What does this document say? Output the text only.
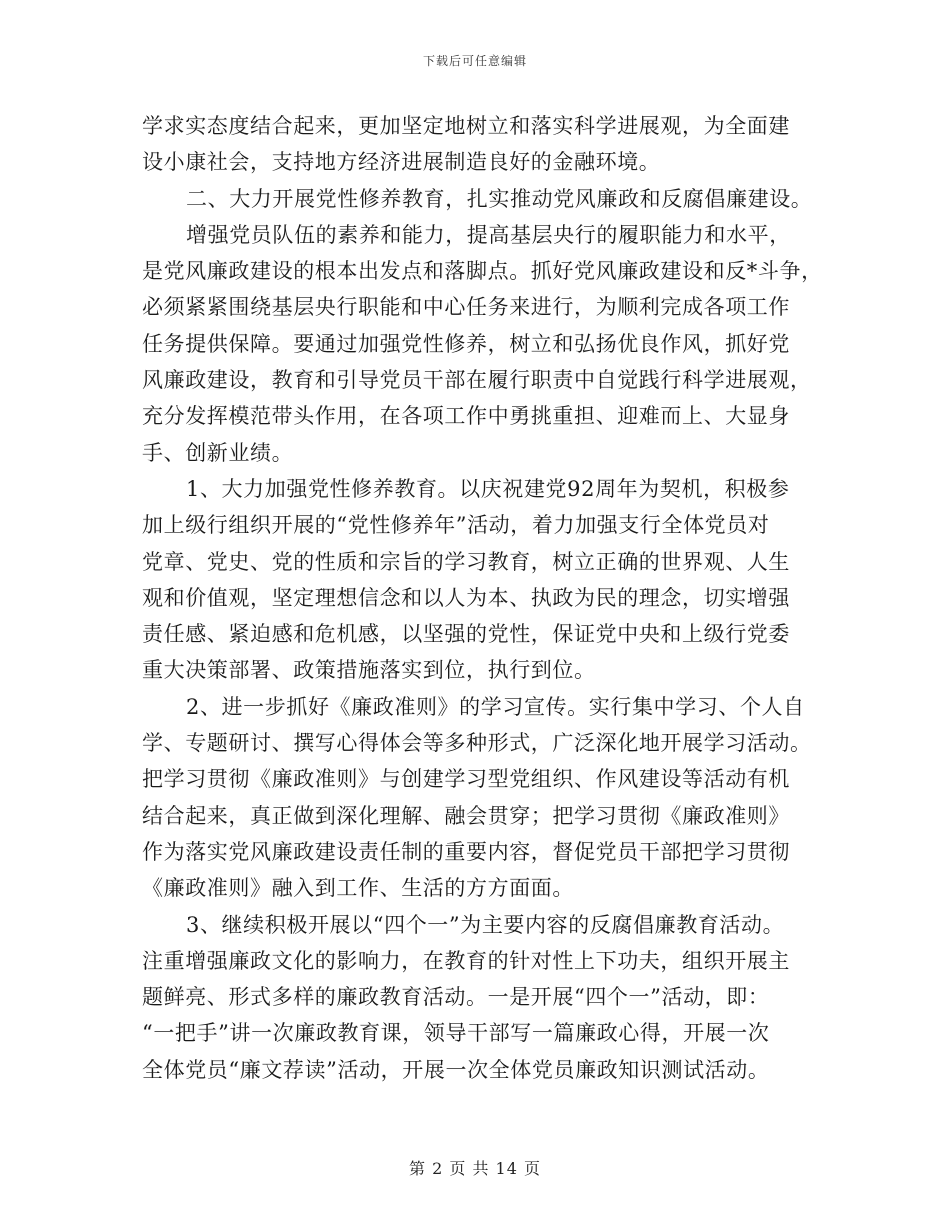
下载后可任意编辑
学求实态度结合起来，更加坚定地树立和落实科学进展观，为全面建
设小康社会，支持地方经济进展制造良好的金融环境。
二、大力开展党性修养教育，扎实推动党风廉政和反腐倡廉建设。
增强党员队伍的素养和能力，提高基层央行的履职能力和水平，
是党风廉政建设的根本出发点和落脚点。抓好党风廉政建设和反*斗争，
必须紧紧围绕基层央行职能和中心任务来进行，为顺利完成各项工作
任务提供保障。要通过加强党性修养，树立和弘扬优良作风，抓好党
风廉政建设，教育和引导党员干部在履行职责中自觉践行科学进展观，
充分发挥模范带头作用，在各项工作中勇挑重担、迎难而上、大显身
手、创新业绩。
1、大力加强党性修养教育。以庆祝建党92周年为契机，积极参
加上级行组织开展的“党性修养年”活动，着力加强支行全体党员对
党章、党史、党的性质和宗旨的学习教育，树立正确的世界观、人生
观和价值观，坚定理想信念和以人为本、执政为民的理念，切实增强
责任感、紧迫感和危机感，以坚强的党性，保证党中央和上级行党委
重大决策部署、政策措施落实到位，执行到位。
2、进一步抓好《廉政准则》的学习宣传。实行集中学习、个人自
学、专题研讨、撰写心得体会等多种形式，广泛深化地开展学习活动。
把学习贯彻《廉政准则》与创建学习型党组织、作风建设等活动有机
结合起来，真正做到深化理解、融会贯穿；把学习贯彻《廉政准则》
作为落实党风廉政建设责任制的重要内容，督促党员干部把学习贯彻
《廉政准则》融入到工作、生活的方方面面。
3、继续积极开展以“四个一”为主要内容的反腐倡廉教育活动。
注重增强廉政文化的影响力，在教育的针对性上下功夫，组织开展主
题鲜亮、形式多样的廉政教育活动。一是开展“四个一”活动，即：
“一把手”讲一次廉政教育课，领导干部写一篇廉政心得，开展一次
全体党员“廉文荐读”活动，开展一次全体党员廉政知识测试活动。
第 2 页 共 14 页
